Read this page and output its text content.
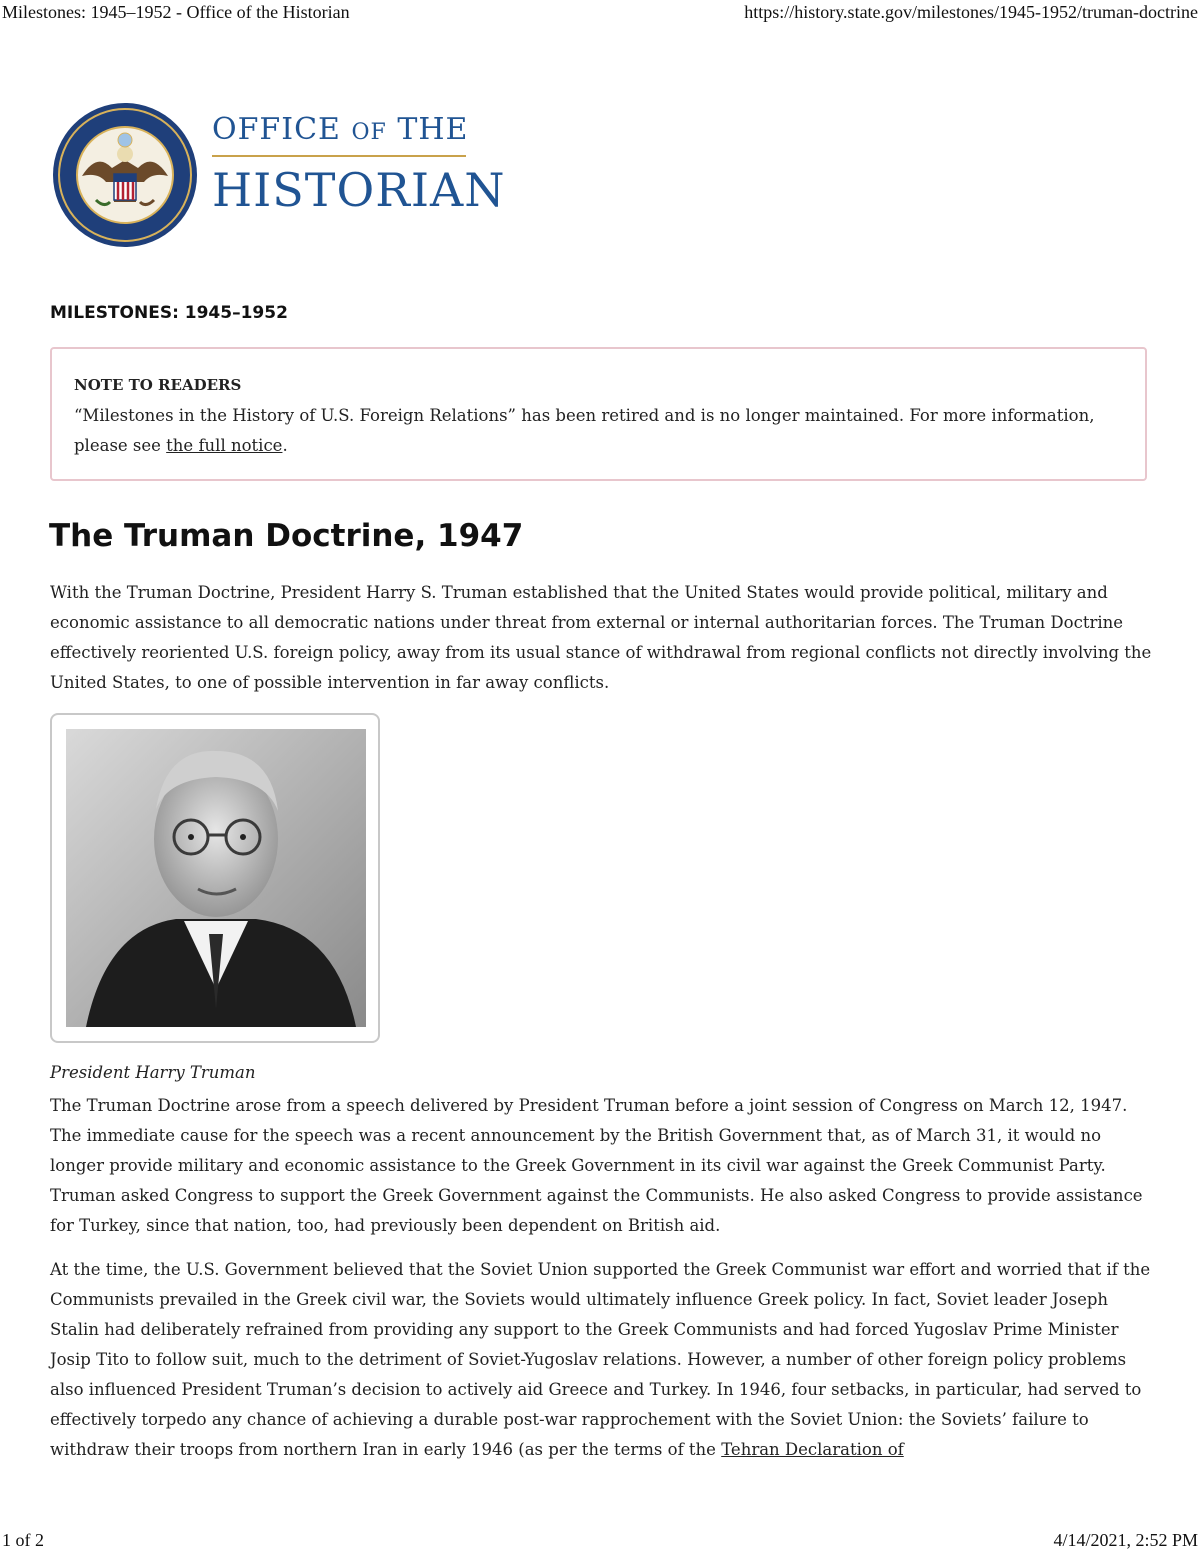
Milestones: 1945–1952 - Office of the Historian	https://history.state.gov/milestones/1945-1952/truman-doctrine
OFFICE OF THE
HISTORIAN
MILESTONES: 1945–1952
NOTE TO READERS
“Milestones in the History of U.S. Foreign Relations” has been retired and is no longer maintained. For more information, please see the full notice.
The Truman Doctrine, 1947

With the Truman Doctrine, President Harry S. Truman established that the United States would provide political, military and economic assistance to all democratic nations under threat from external or internal authoritarian forces. The Truman Doctrine effectively reoriented U.S. foreign policy, away from its usual stance of withdrawal from regional conflicts not directly involving the United States, to one of possible intervention in far away conflicts.

President Harry Truman

The Truman Doctrine arose from a speech delivered by President Truman before a joint session of Congress on March 12, 1947. The immediate cause for the speech was a recent announcement by the British Government that, as of March 31, it would no longer provide military and economic assistance to the Greek Government in its civil war against the Greek Communist Party. Truman asked Congress to support the Greek Government against the Communists. He also asked Congress to provide assistance for Turkey, since that nation, too, had previously been dependent on British aid.

At the time, the U.S. Government believed that the Soviet Union supported the Greek Communist war effort and worried that if the Communists prevailed in the Greek civil war, the Soviets would ultimately influence Greek policy. In fact, Soviet leader Joseph Stalin had deliberately refrained from providing any support to the Greek Communists and had forced Yugoslav Prime Minister Josip Tito to follow suit, much to the detriment of Soviet-Yugoslav relations. However, a number of other foreign policy problems also influenced President Truman’s decision to actively aid Greece and Turkey. In 1946, four setbacks, in particular, had served to effectively torpedo any chance of achieving a durable post-war rapprochement with the Soviet Union: the Soviets’ failure to withdraw their troops from northern Iran in early 1946 (as per the terms of the Tehran Declaration of

1 of 2	4/14/2021, 2:52 PM
